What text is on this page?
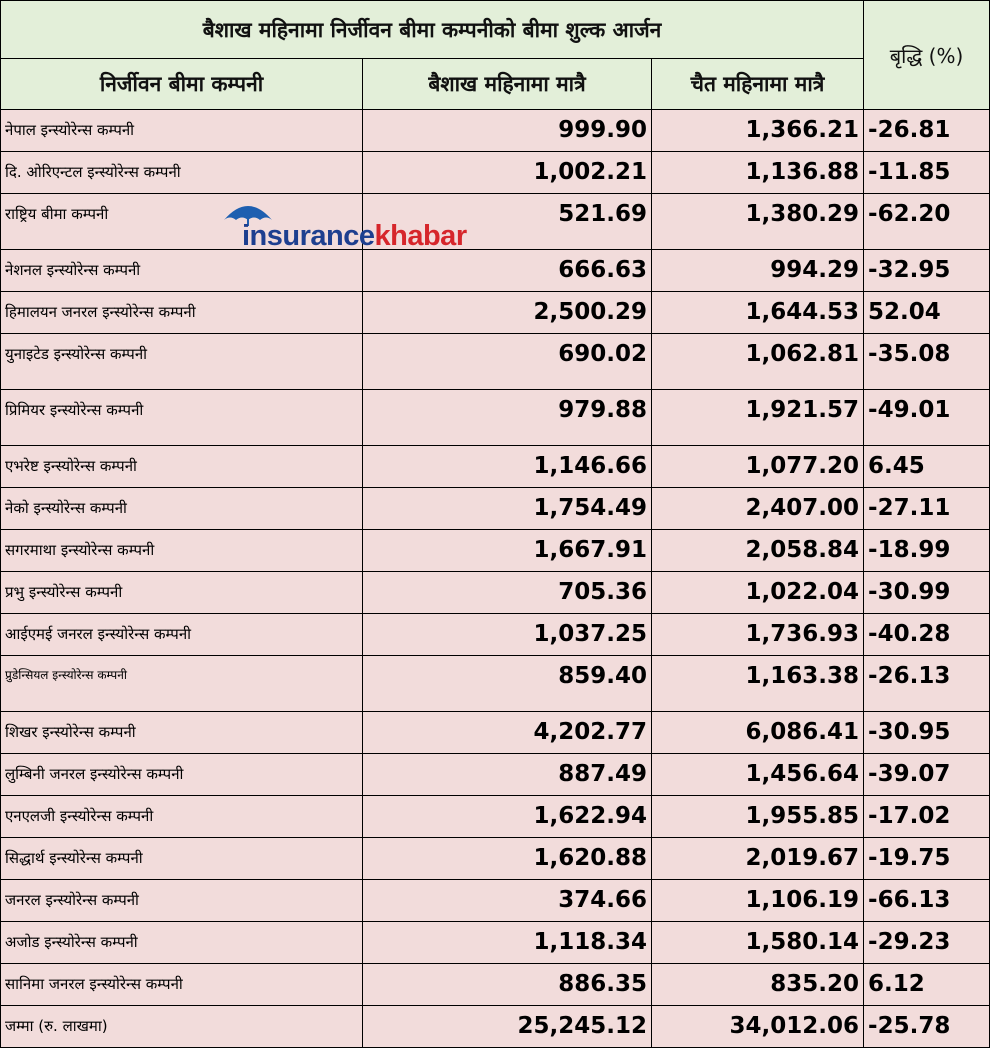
बैशाख महिनामा निर्जीवन बीमा कम्पनीको बीमा शुल्क आर्जन			बृद्धि (%)
निर्जीवन बीमा कम्पनी	बैशाख महिनामा मात्रै	चैत महिनामा मात्रै	
नेपाल इन्स्योरेन्स कम्पनी	999.90	1,366.21	-26.81
दि. ओरिएन्टल इन्स्योरेन्स कम्पनी	1,002.21	1,136.88	-11.85
राष्ट्रिय बीमा कम्पनी	521.69	1,380.29	-62.20
नेशनल इन्स्योरेन्स कम्पनी	666.63	994.29	-32.95
हिमालयन जनरल इन्स्योरेन्स कम्पनी	2,500.29	1,644.53	52.04
युनाइटेड इन्स्योरेन्स कम्पनी	690.02	1,062.81	-35.08
प्रिमियर इन्स्योरेन्स कम्पनी	979.88	1,921.57	-49.01
एभरेष्ट इन्स्योरेन्स कम्पनी	1,146.66	1,077.20	6.45
नेको इन्स्योरेन्स कम्पनी	1,754.49	2,407.00	-27.11
सगरमाथा इन्स्योरेन्स कम्पनी	1,667.91	2,058.84	-18.99
प्रभु इन्स्योरेन्स कम्पनी	705.36	1,022.04	-30.99
आईएमई जनरल इन्स्योरेन्स कम्पनी	1,037.25	1,736.93	-40.28
प्रुडेन्सियल इन्स्योरेन्स कम्पनी	859.40	1,163.38	-26.13
शिखर इन्स्योरेन्स कम्पनी	4,202.77	6,086.41	-30.95
लुम्बिनी जनरल इन्स्योरेन्स कम्पनी	887.49	1,456.64	-39.07
एनएलजी इन्स्योरेन्स कम्पनी	1,622.94	1,955.85	-17.02
सिद्धार्थ इन्स्योरेन्स कम्पनी	1,620.88	2,019.67	-19.75
जनरल इन्स्योरेन्स कम्पनी	374.66	1,106.19	-66.13
अजोड इन्स्योरेन्स कम्पनी	1,118.34	1,580.14	-29.23
सानिमा जनरल इन्स्योरेन्स कम्पनी	886.35	835.20	6.12
जम्मा (रु. लाखमा)	25,245.12	34,012.06	-25.78
insurancekhabar
